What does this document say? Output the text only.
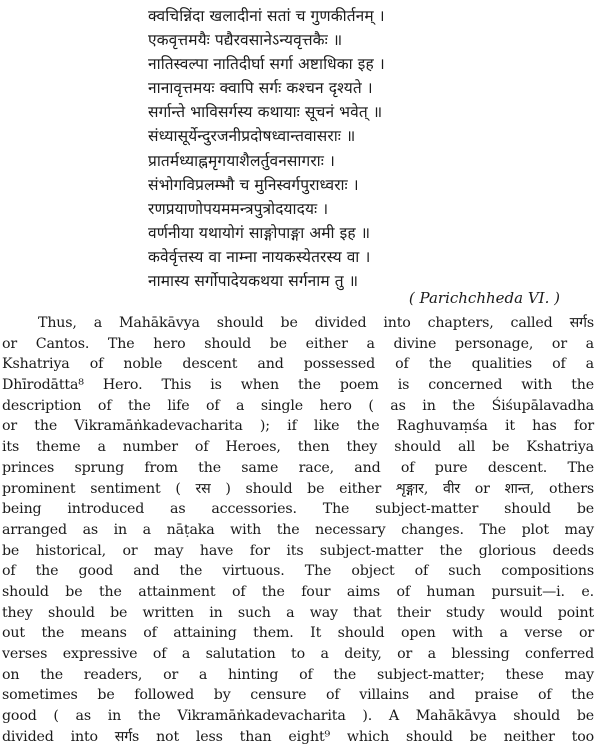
क्वचिन्निंदा खलादीनां सतां च गुणकीर्तनम् ।
एकवृत्तमयैः पद्यैरवसानेऽन्यवृत्तकैः ॥
नातिस्वल्पा नातिदीर्घा सर्गा अष्टाधिका इह ।
नानावृत्तमयः क्वापि सर्गः कश्चन दृश्यते ।
सर्गान्ते भाविसर्गस्य कथायाः सूचनं भवेत् ॥
संध्यासूर्येन्दुरजनीप्रदोषध्वान्तवासराः ॥
प्रातर्मध्याह्नमृगयाशैलर्तुवनसागराः ।
संभोगविप्रलम्भौ च मुनिस्वर्गपुराध्वराः ।
रणप्रयाणोपयममन्त्रपुत्रोदयादयः ।
वर्णनीया यथायोगं साङ्गोपाङ्गा अमी इह ॥
कवेर्वृत्तस्य वा नाम्ना नायकस्येतरस्य वा ।
नामास्य सर्गोपादेयकथया सर्गनाम तु ॥
( Parichchheda VI. )
Thus, a Mahākāvya should be divided into chapters, called सर्गs
or Cantos. The hero should be either a divine personage, or a
Kshatriya of noble descent and possessed of the qualities of a
Dhīrodātta⁸ Hero. This is when the poem is concerned with the
description of the life of a single hero ( as in the Śiśupālavadha
or the Vikramāṅkadevacharita ); if like the Raghuvaṃśa it has for
its theme a number of Heroes, then they should all be Kshatriya
princes sprung from the same race, and of pure descent. The
prominent sentiment ( रस ) should be either शृङ्गार, वीर or शान्त, others
being introduced as accessories. The subject-matter should be
arranged as in a nāṭaka with the necessary changes. The plot may
be historical, or may have for its subject-matter the glorious deeds
of the good and the virtuous. The object of such compositions
should be the attainment of the four aims of human pursuit—i. e.
they should be written in such a way that their study would point
out the means of attaining them. It should open with a verse or
verses expressive of a salutation to a deity, or a blessing conferred
on the readers, or a hinting of the subject-matter; these may
sometimes be followed by censure of villains and praise of the
good ( as in the Vikramāṅkadevacharita ). A Mahākāvya should be
divided into सर्गs not less than eight⁹ which should be neither too
